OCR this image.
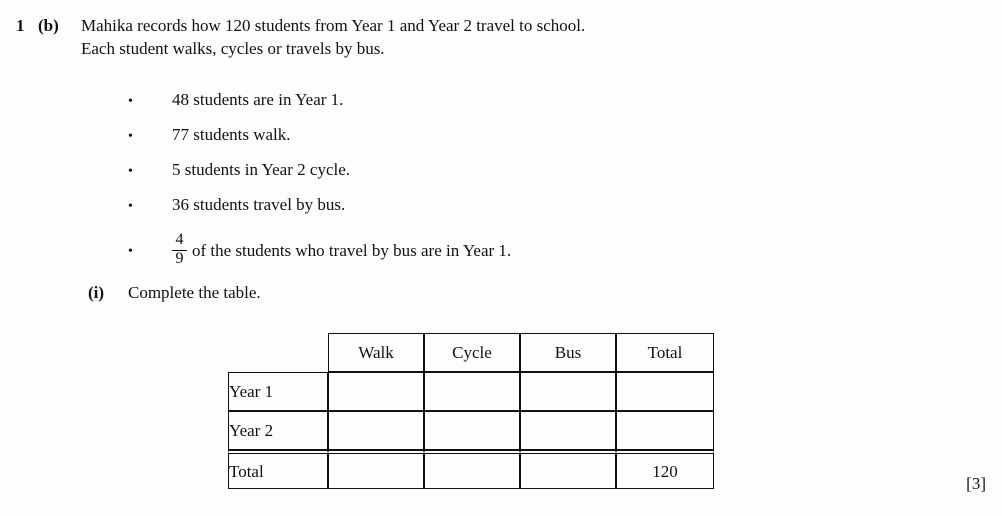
1 (b)	Mahika records how 120 students from Year 1 and Year 2 travel to school.
Each student walks, cycles or travels by bus.
•	48 students are in Year 1.
•	77 students walk.
•	5 students in Year 2 cycle.
•	36 students travel by bus.
•	$\frac{4}{9}$ of the students who travel by bus are in Year 1.
(i)	Complete the table.
	Walk	Cycle	Bus	Total
Year 1				
Year 2				
Total				120
[3]
